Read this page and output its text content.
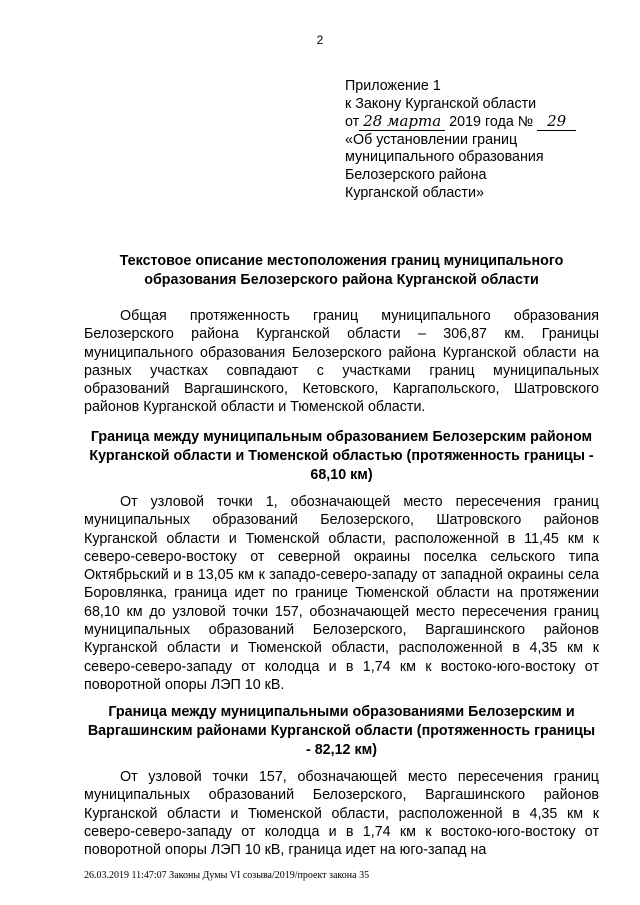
2
Приложение 1
к Закону Курганской области
от 28 марта 2019 года № 29
«Об установлении границ
муниципального образования
Белозерского района
Курганской области»
Текстовое описание местоположения границ муниципального образования Белозерского района Курганской области

Общая протяженность границ муниципального образования Белозерского района Курганской области – 306,87 км. Границы муниципального образования Белозерского района Курганской области на разных участках совпадают с участками границ муниципальных образований Варгашинского, Кетовского, Каргапольского, Шатровского районов Курганской области и Тюменской области.

Граница между муниципальным образованием Белозерским районом Курганской области и Тюменской областью (протяженность границы - 68,10 км)

От узловой точки 1, обозначающей место пересечения границ муниципальных образований Белозерского, Шатровского районов Курганской области и Тюменской области, расположенной в 11,45 км к северо-северо-востоку от северной окраины поселка сельского типа Октябрьский и в 13,05 км к западо-северо-западу от западной окраины села Боровлянка, граница идет по границе Тюменской области на протяжении 68,10 км до узловой точки 157, обозначающей место пересечения границ муниципальных образований Белозерского, Варгашинского районов Курганской области и Тюменской области, расположенной в 4,35 км к северо-северо-западу от колодца и в 1,74 км к востоко-юго-востоку от поворотной опоры ЛЭП 10 кВ.

Граница между муниципальными образованиями Белозерским и Варгашинским районами Курганской области (протяженность границы - 82,12 км)

От узловой точки 157, обозначающей место пересечения границ муниципальных образований Белозерского, Варгашинского районов Курганской области и Тюменской области, расположенной в 4,35 км к северо-северо-западу от колодца и в 1,74 км к востоко-юго-востоку от поворотной опоры ЛЭП 10 кВ, граница идет на юго-запад на

26.03.2019 11:47:07 Законы Думы VI созыва/2019/проект закона 35
